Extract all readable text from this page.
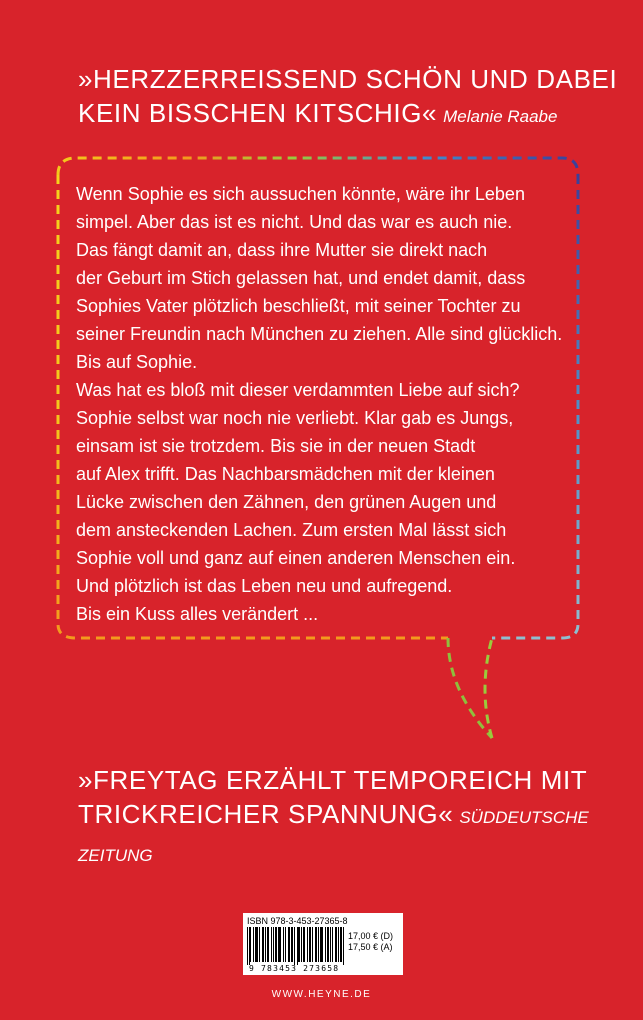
»HERZZERREISSEND SCHÖN UND DABEI
KEIN BISSCHEN KITSCHIG« Melanie Raabe

Wenn Sophie es sich aussuchen könnte, wäre ihr Leben
simpel. Aber das ist es nicht. Und das war es auch nie.
Das fängt damit an, dass ihre Mutter sie direkt nach
der Geburt im Stich gelassen hat, und endet damit, dass
Sophies Vater plötzlich beschließt, mit seiner Tochter zu
seiner Freundin nach München zu ziehen. Alle sind glücklich.
Bis auf Sophie.
Was hat es bloß mit dieser verdammten Liebe auf sich?
Sophie selbst war noch nie verliebt. Klar gab es Jungs,
einsam ist sie trotzdem. Bis sie in der neuen Stadt
auf Alex trifft. Das Nachbarsmädchen mit der kleinen
Lücke zwischen den Zähnen, den grünen Augen und
dem ansteckenden Lachen. Zum ersten Mal lässt sich
Sophie voll und ganz auf einen anderen Menschen ein.
Und plötzlich ist das Leben neu und aufregend.
Bis ein Kuss alles verändert ...

»FREYTAG ERZÄHLT TEMPOREICH MIT
TRICKREICHER SPANNUNG« SÜDDEUTSCHE ZEITUNG

ISBN 978-3-453-27365-8
9 783453 273658
17,00 € (D)
17,50 € (A)
WWW.HEYNE.DE
